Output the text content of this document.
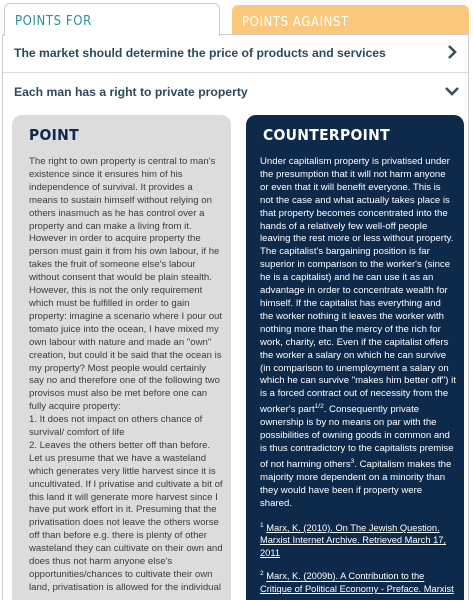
POINTS FOR	POINTS AGAINST
The market should determine the price of products and services
Each man has a right to private property
POINT
The right to own property is central to man's existence since it ensures him of his independence of survival. It provides a means to sustain himself without relying on others inasmuch as he has control over a property and can make a living from it. However in order to acquire property the person must gain it from his own labour, if he takes the fruit of someone else's labour without consent that would be plain stealth. However, this is not the only requirement which must be fulfilled in order to gain property: imagine a scenario where I pour out tomato juice into the ocean, I have mixed my own labour with nature and made an "own" creation, but could it be said that the ocean is my property? Most people would certainly say no and therefore one of the following two provisos must also be met before one can fully acquire property:
1. It does not impact on others chance of survival/ comfort of life
2. Leaves the others better off than before.
Let us presume that we have a wasteland which generates very little harvest since it is uncultivated. If I privatise and cultivate a bit of this land it will generate more harvest since I have put work effort in it. Presuming that the privatisation does not leave the others worse off than before e.g. there is plenty of other wasteland they can cultivate on their own and does thus not harm anyone else's opportunities/chances to cultivate their own land, privatisation is allowed for the individual
COUNTERPOINT

Under capitalism property is privatised under the presumption that it will not harm anyone or even that it will benefit everyone. This is not the case and what actually takes place is that property becomes concentrated into the hands of a relatively few well-off people leaving the rest more or less without property. The capitalist's bargaining position is far superior in comparison to the worker's (since he is a capitalist) and he can use it as an advantage in order to concentrate wealth for himself. If the capitalist has everything and the worker nothing it leaves the worker with nothing more than the mercy of the rich for work, charity, etc. Even if the capitalist offers the worker a salary on which he can survive (in comparison to unemployment a salary on which he can survive "makes him better off") it is a forced contract out of necessity from the worker's part$^{1/2}$. Consequently private ownership is by no means on par with the possibilities of owning goods in common and is thus contradictory to the capitalists premise of not harming others$^3$. Capitalism makes the majority more dependent on a minority than they would have been if property were shared.

$^1$ Marx, K. (2010). On The Jewish Question. Marxist Internet Archive. Retrieved March 17, 2011

$^2$ Marx, K. (2009b). A Contribution to the Critique of Political Economy - Preface. Marxist
